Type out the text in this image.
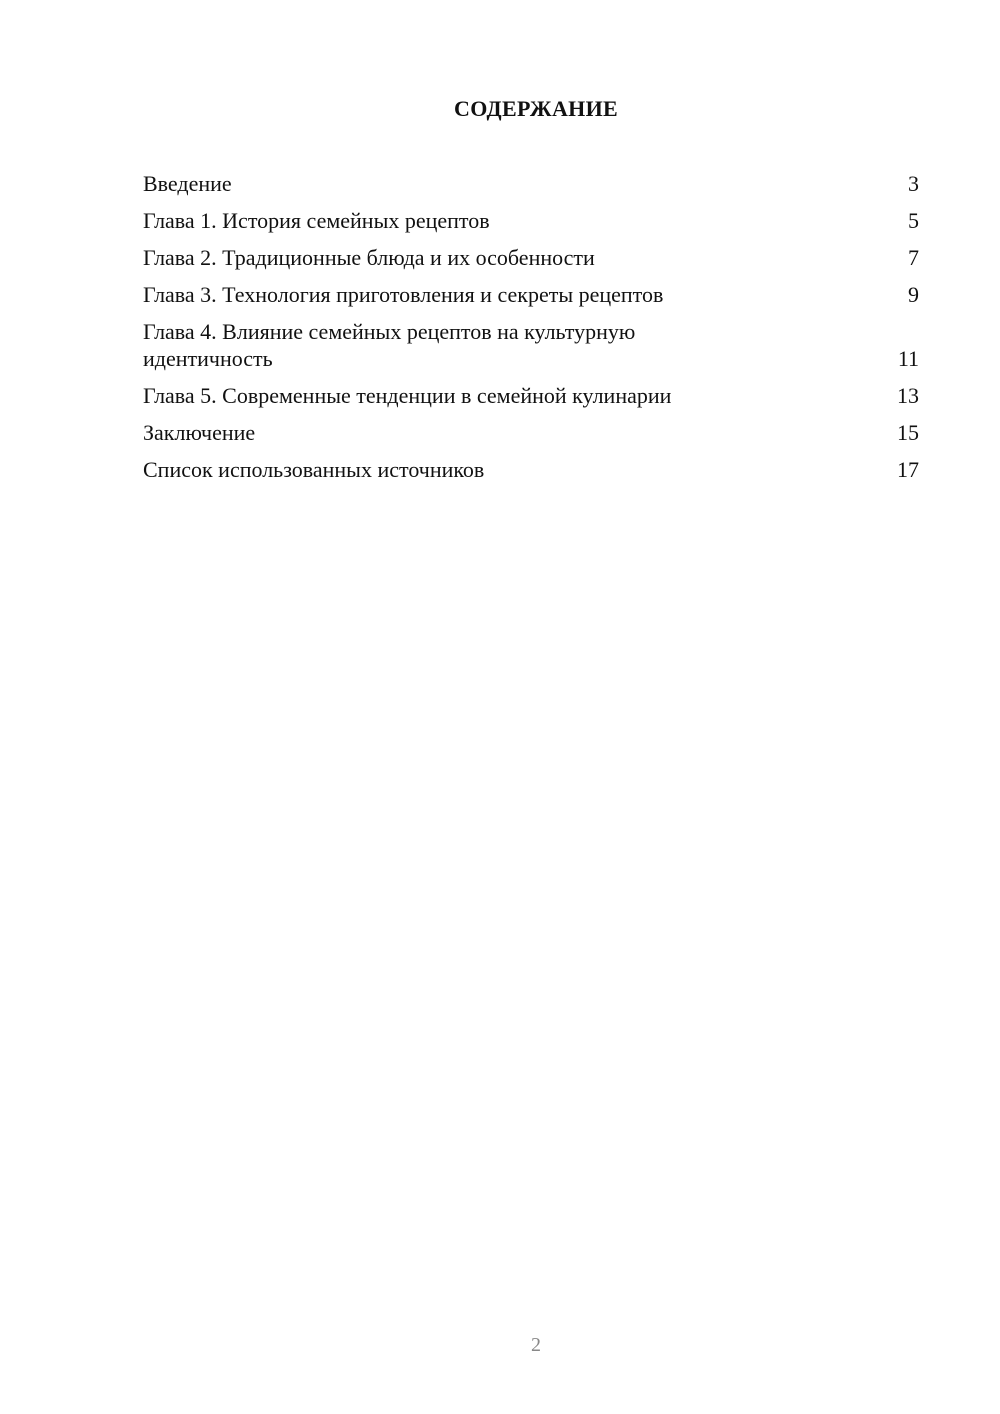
СОДЕРЖАНИЕ
Введение	3
Глава 1. История семейных рецептов	5
Глава 2. Традиционные блюда и их особенности	7
Глава 3. Технология приготовления и секреты рецептов	9
Глава 4. Влияние семейных рецептов на культурную идентичность	11
Глава 5. Современные тенденции в семейной кулинарии	13
Заключение	15
Список использованных источников	17
2
